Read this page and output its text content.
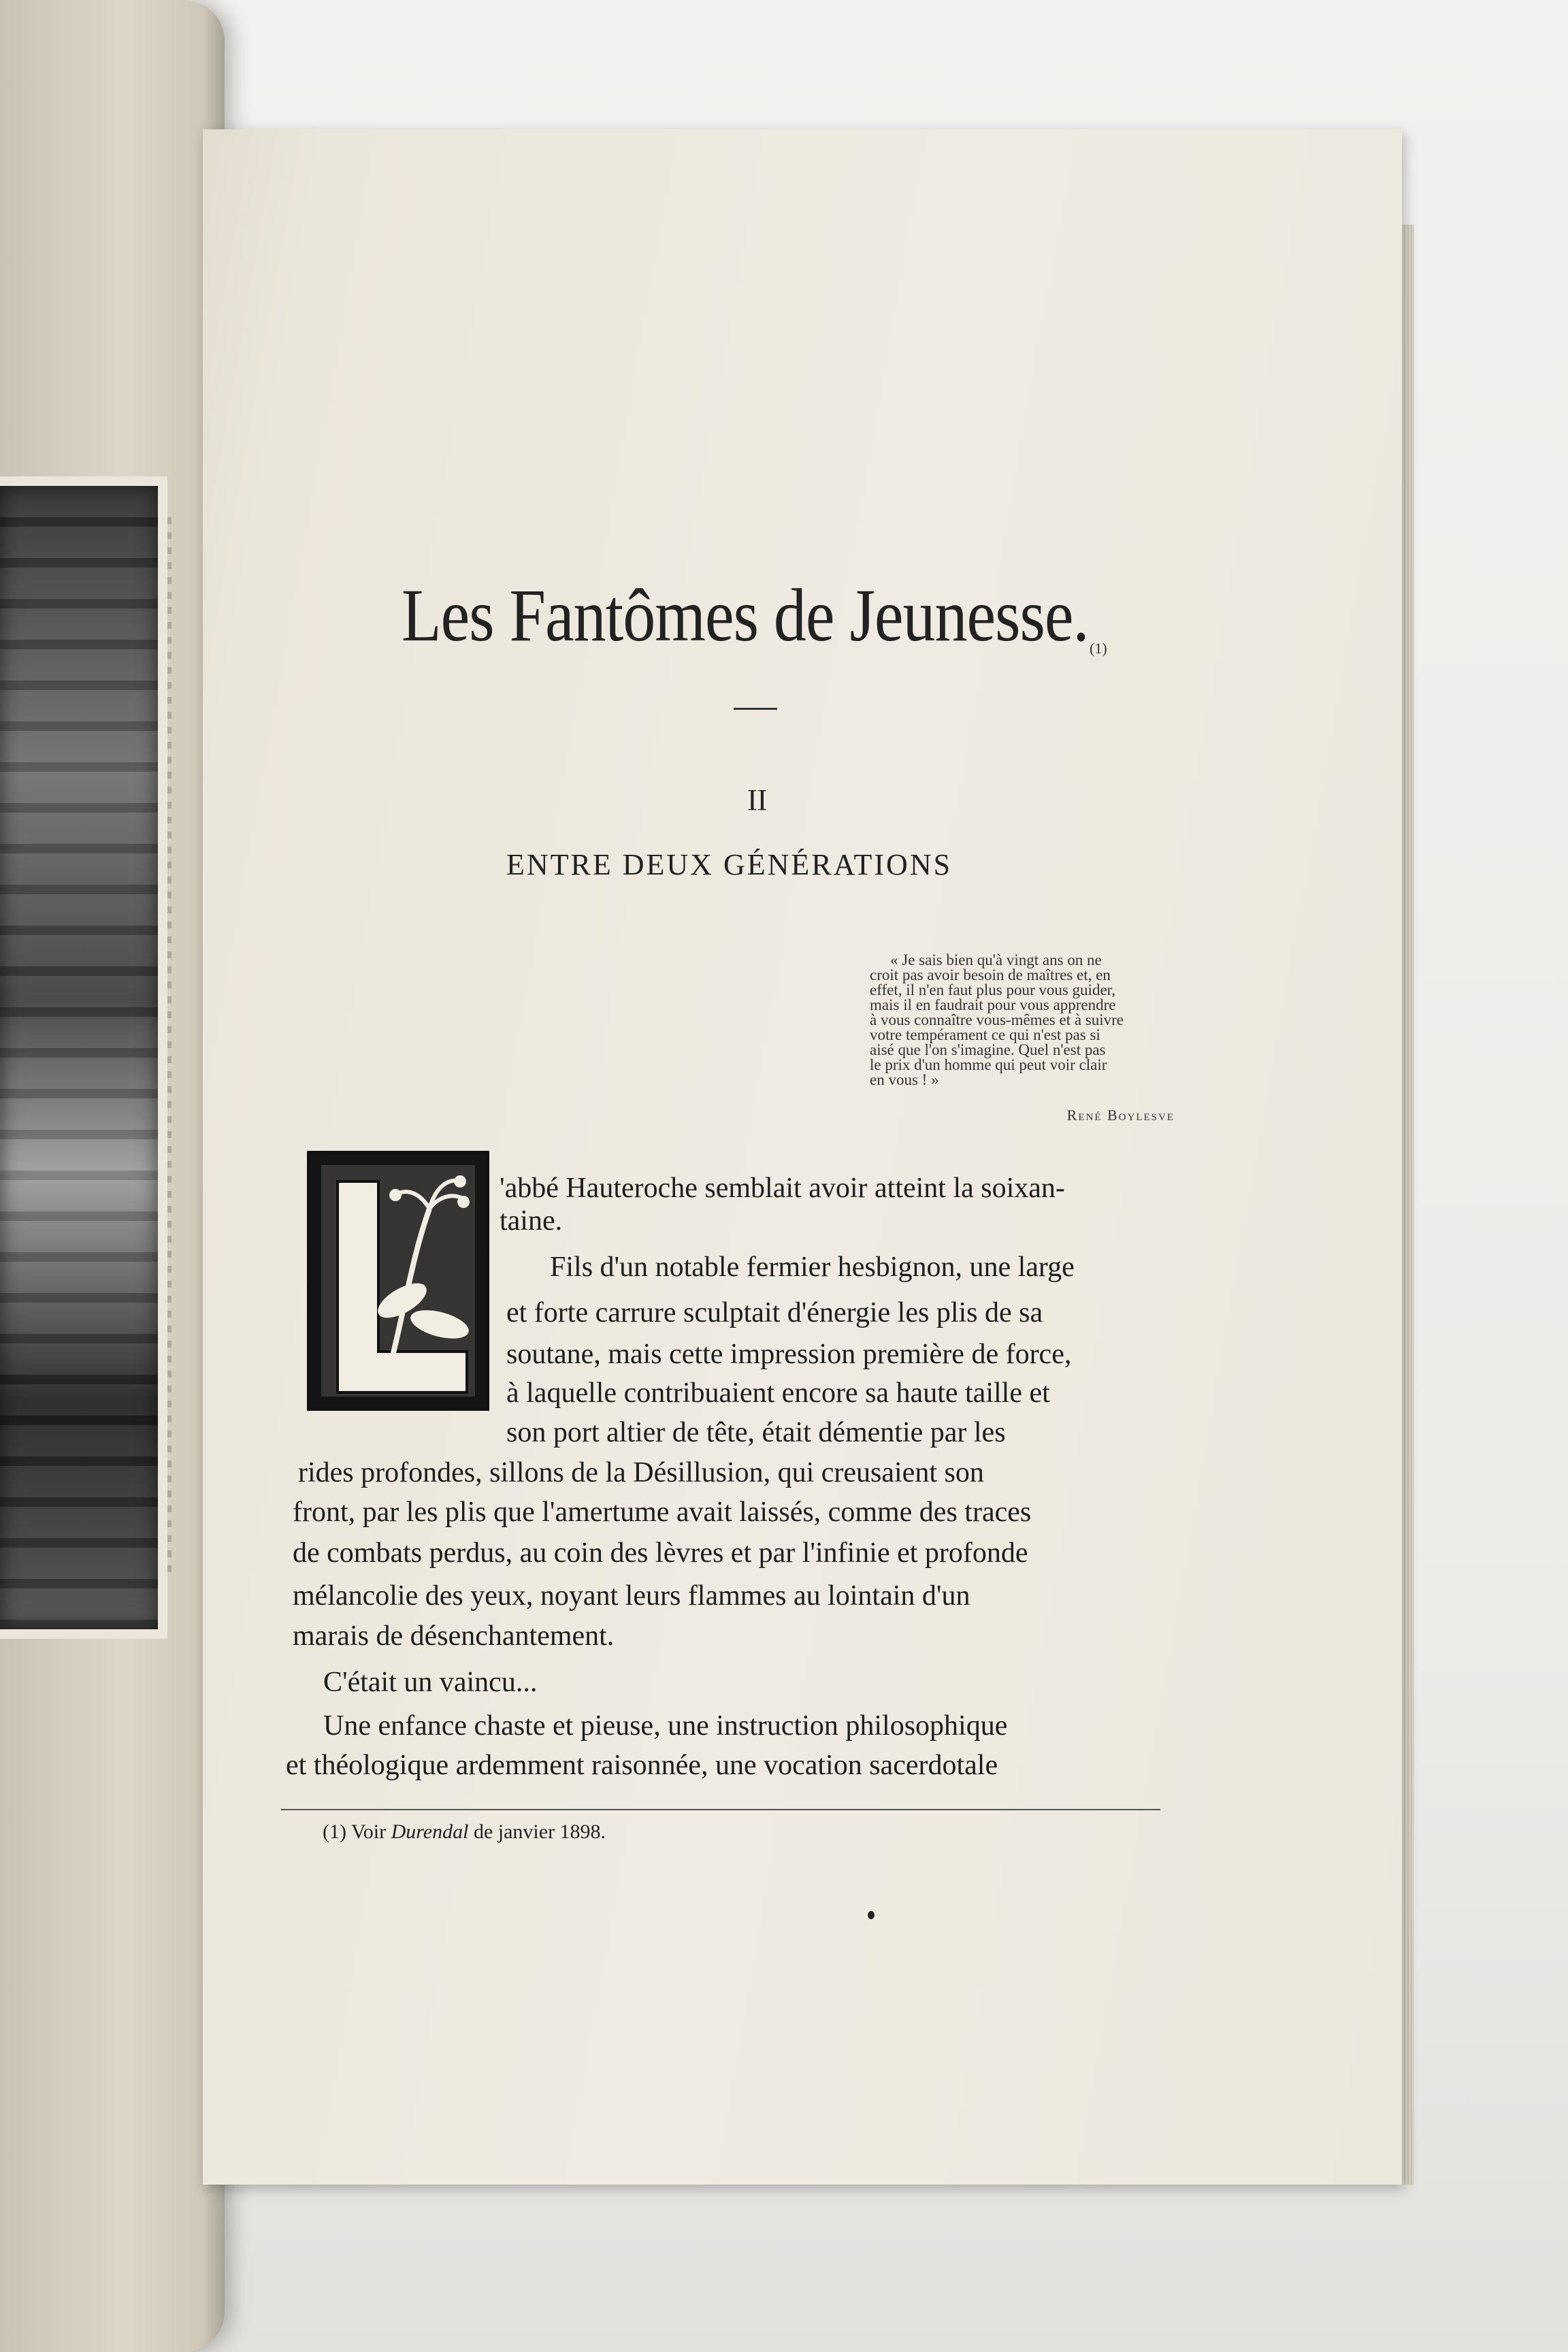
Les Fantômes de Jeunesse. (1)
II
ENTRE DEUX GÉNÉRATIONS
« Je sais bien qu'à vingt ans on ne
croit pas avoir besoin de maîtres et, en
effet, il n'en faut plus pour vous guider,
mais il en faudrait pour vous apprendre
à vous connaître vous-mêmes et à suivre
votre tempérament ce qui n'est pas si
aisé que l'on s'imagine. Quel n'est pas
le prix d'un homme qui peut voir clair
en vous ! »
René Boylesve
'abbé Hauteroche semblait avoir atteint la soixan-
taine.
Fils d'un notable fermier hesbignon, une large
et forte carrure sculptait d'énergie les plis de sa
soutane, mais cette impression première de force,
à laquelle contribuaient encore sa haute taille et
son port altier de tête, était démentie par les
rides profondes, sillons de la Désillusion, qui creusaient son
front, par les plis que l'amertume avait laissés, comme des traces
de combats perdus, au coin des lèvres et par l'infinie et profonde
mélancolie des yeux, noyant leurs flammes au lointain d'un
marais de désenchantement.
C'était un vaincu...
Une enfance chaste et pieuse, une instruction philosophique
et théologique ardemment raisonnée, une vocation sacerdotale
(1) Voir Durendal de janvier 1898.
